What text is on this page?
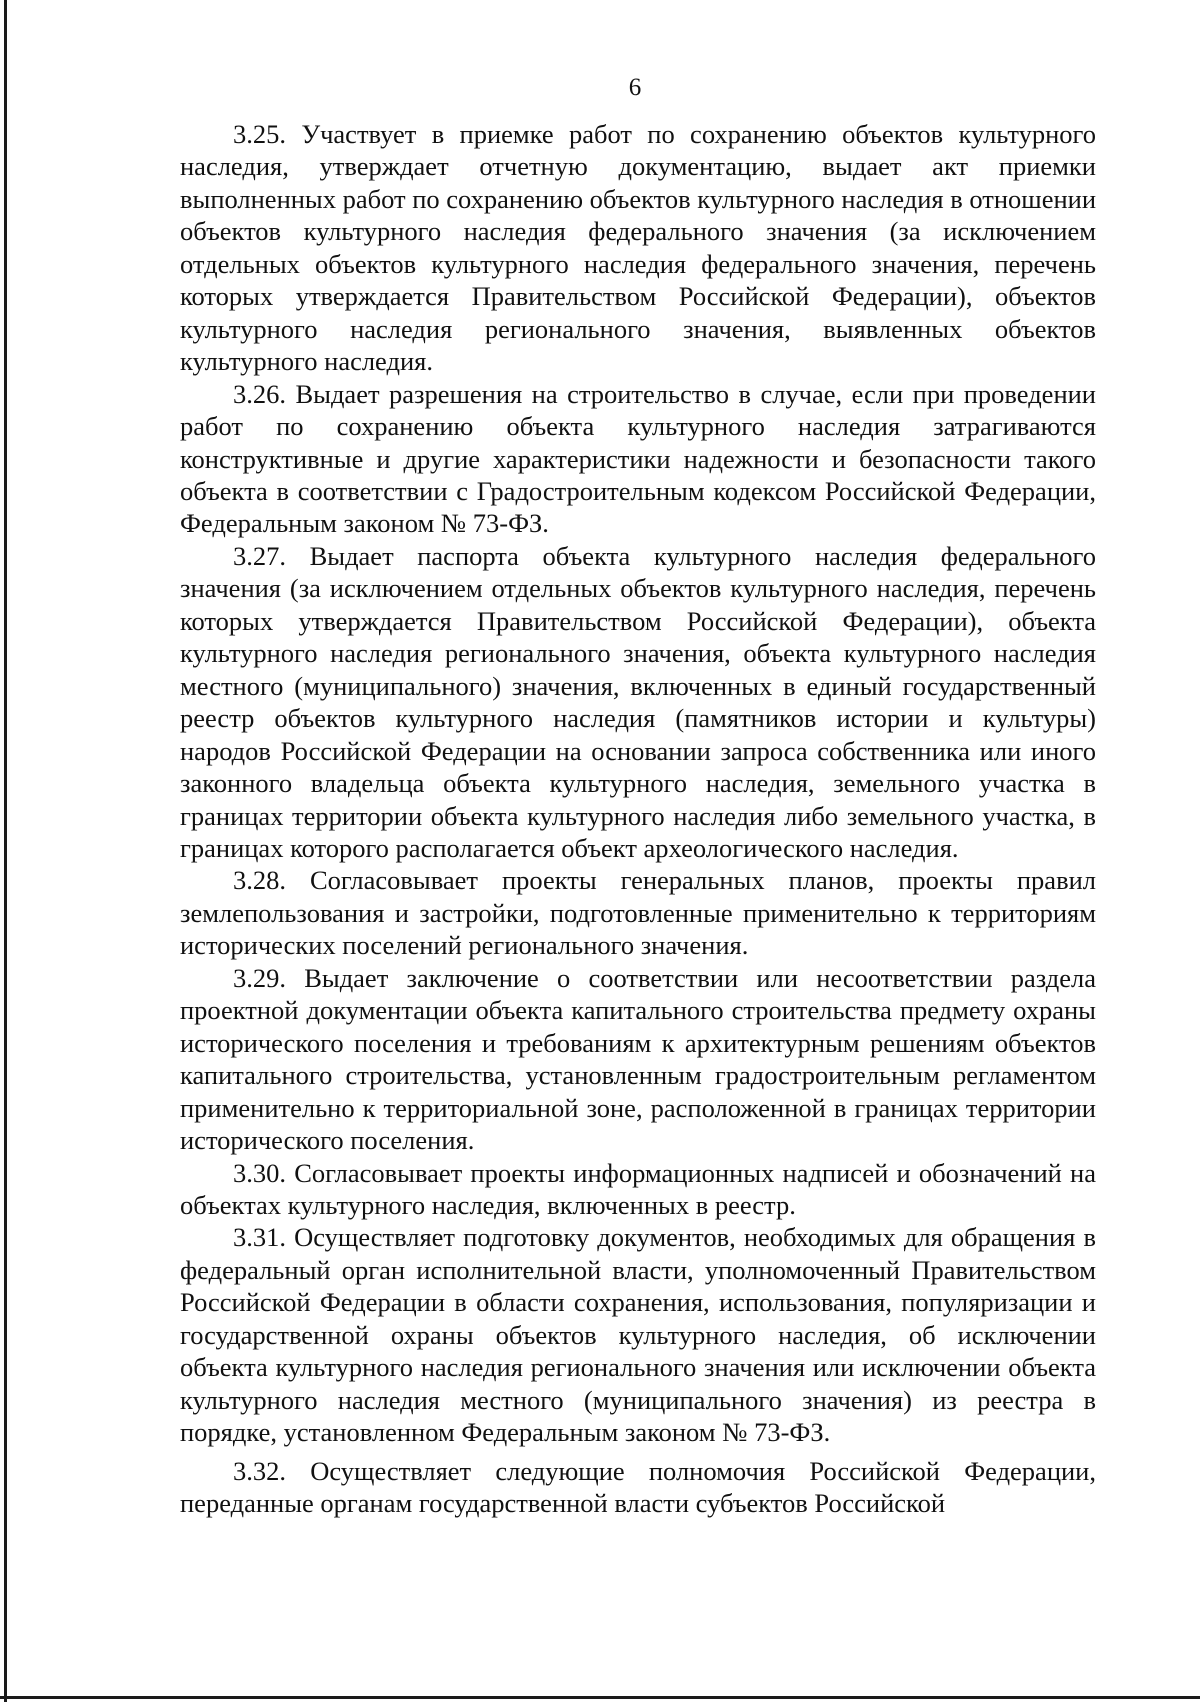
6

3.25. Участвует в приемке работ по сохранению объектов культурного наследия, утверждает отчетную документацию, выдает акт приемки выполненных работ по сохранению объектов культурного наследия в отношении объектов культурного наследия федерального значения (за исключением отдельных объектов культурного наследия федерального значения, перечень которых утверждается Правительством Российской Федерации), объектов культурного наследия регионального значения, выявленных объектов культурного наследия.

3.26. Выдает разрешения на строительство в случае, если при проведении работ по сохранению объекта культурного наследия затрагиваются конструктивные и другие характеристики надежности и безопасности такого объекта в соответствии с Градостроительным кодексом Российской Федерации, Федеральным законом № 73-ФЗ.

3.27. Выдает паспорта объекта культурного наследия федерального значения (за исключением отдельных объектов культурного наследия, перечень которых утверждается Правительством Российской Федерации), объекта культурного наследия регионального значения, объекта культурного наследия местного (муниципального) значения, включенных в единый государственный реестр объектов культурного наследия (памятников истории и культуры) народов Российской Федерации на основании запроса собственника или иного законного владельца объекта культурного наследия, земельного участка в границах территории объекта культурного наследия либо земельного участка, в границах которого располагается объект археологического наследия.

3.28. Согласовывает проекты генеральных планов, проекты правил землепользования и застройки, подготовленные применительно к территориям исторических поселений регионального значения.

3.29. Выдает заключение о соответствии или несоответствии раздела проектной документации объекта капитального строительства предмету охраны исторического поселения и требованиям к архитектурным решениям объектов капитального строительства, установленным градостроительным регламентом применительно к территориальной зоне, расположенной в границах территории исторического поселения.

3.30. Согласовывает проекты информационных надписей и обозначений на объектах культурного наследия, включенных в реестр.

3.31. Осуществляет подготовку документов, необходимых для обращения в федеральный орган исполнительной власти, уполномоченный Правительством Российской Федерации в области сохранения, использования, популяризации и государственной охраны объектов культурного наследия, об исключении объекта культурного наследия регионального значения или исключении объекта культурного наследия местного (муниципального значения) из реестра в порядке, установленном Федеральным законом № 73-ФЗ.

3.32. Осуществляет следующие полномочия Российской Федерации, переданные органам государственной власти субъектов Российской
